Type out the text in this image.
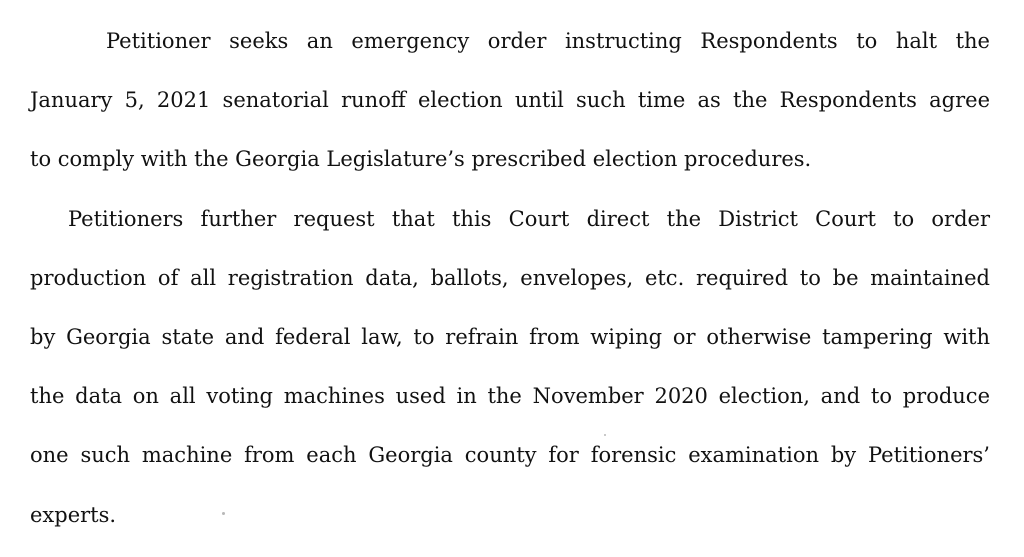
Petitioner seeks an emergency order instructing Respondents to halt the
January 5, 2021 senatorial runoff election until such time as the Respondents agree
to comply with the Georgia Legislature’s prescribed election procedures.
Petitioners further request that this Court direct the District Court to order
production of all registration data, ballots, envelopes, etc. required to be maintained
by Georgia state and federal law, to refrain from wiping or otherwise tampering with
the data on all voting machines used in the November 2020 election, and to produce
one such machine from each Georgia county for forensic examination by Petitioners’
experts.
